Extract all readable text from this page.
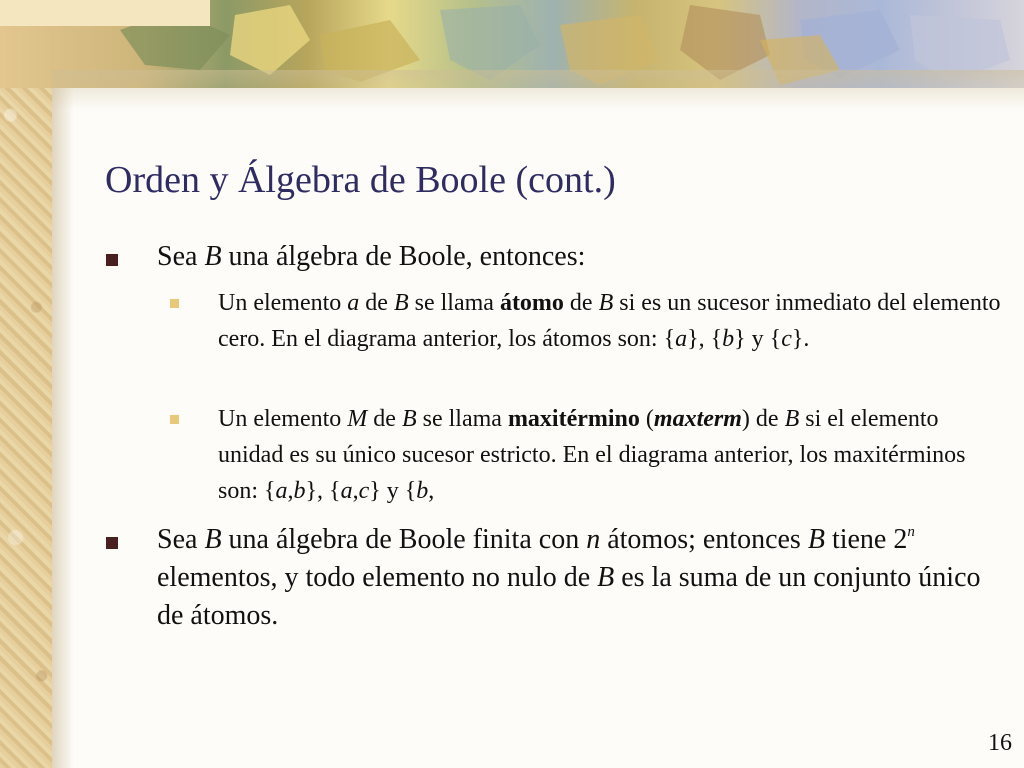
Orden y Álgebra de Boole (cont.)
Sea B una álgebra de Boole, entonces:
Un elemento a de B se llama átomo de B si es un sucesor inmediato del elemento cero. En el diagrama anterior, los átomos son: {a}, {b} y {c}.
Un elemento M de B se llama maxitérmino (maxterm) de B si el elemento unidad es su único sucesor estricto. En el diagrama anterior, los maxitérminos son: {a,b}, {a,c} y {b,
Sea B una álgebra de Boole finita con n átomos; entonces B tiene 2$^n$ elementos, y todo elemento no nulo de B es la suma de un conjunto único de átomos.
16
